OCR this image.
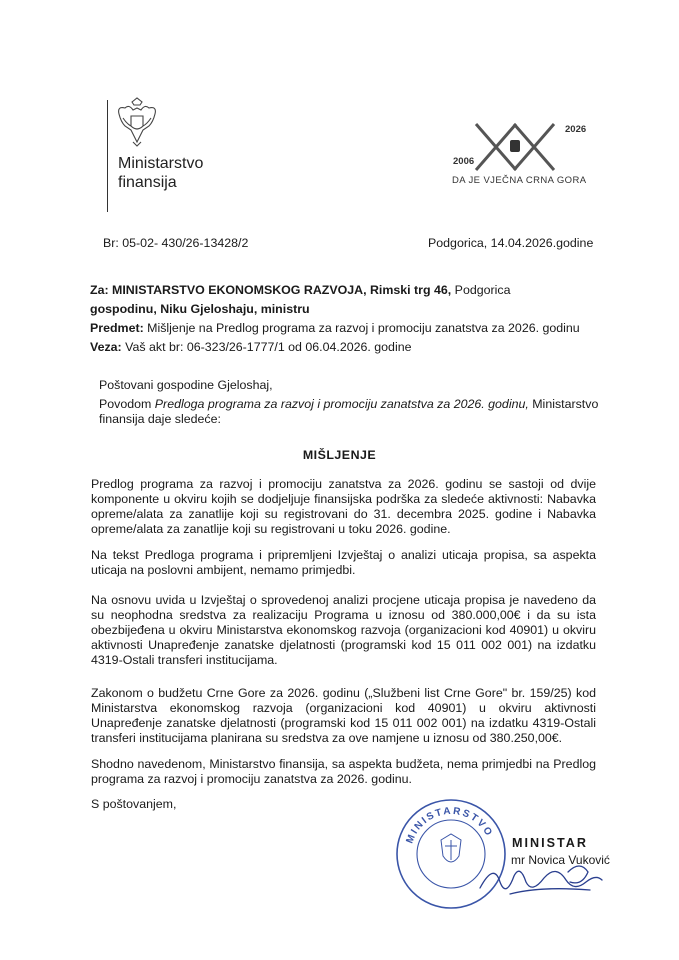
Ministarstvo
finansija
2006
2026
DA JE VJEČNA CRNA GORA
Br: 05-02- 430/26-13428/2	Podgorica, 14.04.2026.godine
Za: MINISTARSTVO EKONOMSKOG RAZVOJA, Rimski trg 46, Podgorica
gospodinu, Niku Gjeloshaju, ministru
Predmet: Mišljenje na Predlog programa za razvoj i promociju zanatstva za 2026. godinu
Veza: Vaš akt br: 06-323/26-1777/1 od 06.04.2026. godine
Poštovani gospodine Gjeloshaj,
Povodom Predloga programa za razvoj i promociju zanatstva za 2026. godinu, Ministarstvo finansija daje sledeće:
MIŠLJENJE
Predlog programa za razvoj i promociju zanatstva za 2026. godinu se sastoji od dvije komponente u okviru kojih se dodjeljuje finansijska podrška za sledeće aktivnosti: Nabavka opreme/alata za zanatlije koji su registrovani do 31. decembra 2025. godine i Nabavka opreme/alata za zanatlije koji su registrovani u toku 2026. godine.
Na tekst Predloga programa i pripremljeni Izvještaj o analizi uticaja propisa, sa aspekta uticaja na poslovni ambijent, nemamo primjedbi.
Na osnovu uvida u Izvještaj o sprovedenoj analizi procjene uticaja propisa je navedeno da su neophodna sredstva za realizaciju Programa u iznosu od 380.000,00€ i da su ista obezbijeđena u okviru Ministarstva ekonomskog razvoja (organizacioni kod 40901) u okviru aktivnosti Unapređenje zanatske djelatnosti (programski kod 15 011 002 001) na izdatku 4319-Ostali transferi institucijama.
Zakonom o budžetu Crne Gore za 2026. godinu („Službeni list Crne Gore" br. 159/25) kod Ministarstva ekonomskog razvoja (organizacioni kod 40901) u okviru aktivnosti Unapređenje zanatske djelatnosti (programski kod 15 011 002 001) na izdatku 4319-Ostali transferi institucijama planirana su sredstva za ove namjene u iznosu od 380.250,00€.
Shodno navedenom, Ministarstvo finansija, sa aspekta budžeta, nema primjedbi na Predlog programa za razvoj i promociju zanatstva za 2026. godinu.
S poštovanjem,
MINISTARSTVO
MINISTAR
mr Novica Vuković
